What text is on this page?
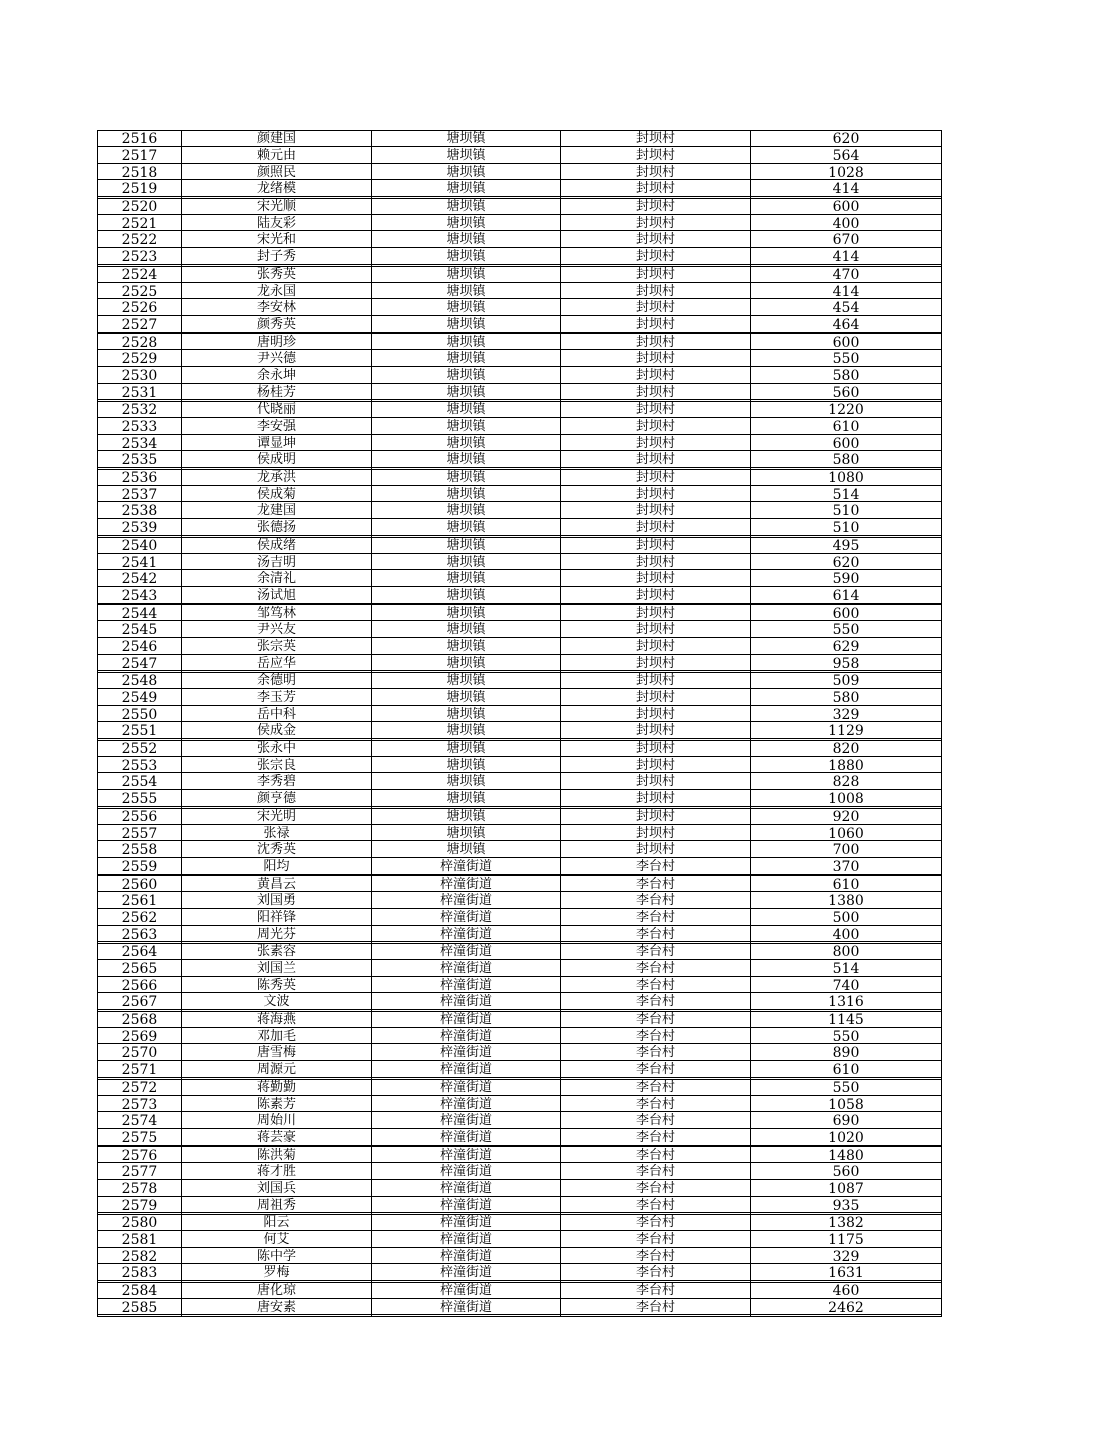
2516	颜建国	塘坝镇	封坝村	620
2517	赖元由	塘坝镇	封坝村	564
2518	颜照民	塘坝镇	封坝村	1028
2519	龙绪模	塘坝镇	封坝村	414
2520	宋光顺	塘坝镇	封坝村	600
2521	陆友彩	塘坝镇	封坝村	400
2522	宋光和	塘坝镇	封坝村	670
2523	封子秀	塘坝镇	封坝村	414
2524	张秀英	塘坝镇	封坝村	470
2525	龙永国	塘坝镇	封坝村	414
2526	李安林	塘坝镇	封坝村	454
2527	颜秀英	塘坝镇	封坝村	464
2528	唐明珍	塘坝镇	封坝村	600
2529	尹兴德	塘坝镇	封坝村	550
2530	余永坤	塘坝镇	封坝村	580
2531	杨桂芳	塘坝镇	封坝村	560
2532	代晓丽	塘坝镇	封坝村	1220
2533	李安强	塘坝镇	封坝村	610
2534	谭显坤	塘坝镇	封坝村	600
2535	侯成明	塘坝镇	封坝村	580
2536	龙承洪	塘坝镇	封坝村	1080
2537	侯成菊	塘坝镇	封坝村	514
2538	龙建国	塘坝镇	封坝村	510
2539	张德扬	塘坝镇	封坝村	510
2540	侯成绪	塘坝镇	封坝村	495
2541	汤吉明	塘坝镇	封坝村	620
2542	余清礼	塘坝镇	封坝村	590
2543	汤试旭	塘坝镇	封坝村	614
2544	邹笃林	塘坝镇	封坝村	600
2545	尹兴友	塘坝镇	封坝村	550
2546	张宗英	塘坝镇	封坝村	629
2547	岳应华	塘坝镇	封坝村	958
2548	余德明	塘坝镇	封坝村	509
2549	李玉芳	塘坝镇	封坝村	580
2550	岳中科	塘坝镇	封坝村	329
2551	侯成金	塘坝镇	封坝村	1129
2552	张永中	塘坝镇	封坝村	820
2553	张宗良	塘坝镇	封坝村	1880
2554	李秀碧	塘坝镇	封坝村	828
2555	颜亨德	塘坝镇	封坝村	1008
2556	宋光明	塘坝镇	封坝村	920
2557	张禄	塘坝镇	封坝村	1060
2558	沈秀英	塘坝镇	封坝村	700
2559	阳均	梓潼街道	李台村	370
2560	黄昌云	梓潼街道	李台村	610
2561	刘国勇	梓潼街道	李台村	1380
2562	阳祥锋	梓潼街道	李台村	500
2563	周光芬	梓潼街道	李台村	400
2564	张素容	梓潼街道	李台村	800
2565	刘国兰	梓潼街道	李台村	514
2566	陈秀英	梓潼街道	李台村	740
2567	文波	梓潼街道	李台村	1316
2568	蒋海燕	梓潼街道	李台村	1145
2569	邓加毛	梓潼街道	李台村	550
2570	唐雪梅	梓潼街道	李台村	890
2571	周源元	梓潼街道	李台村	610
2572	蒋勤勤	梓潼街道	李台村	550
2573	陈素芳	梓潼街道	李台村	1058
2574	周始川	梓潼街道	李台村	690
2575	蒋芸豪	梓潼街道	李台村	1020
2576	陈洪菊	梓潼街道	李台村	1480
2577	蒋才胜	梓潼街道	李台村	560
2578	刘国兵	梓潼街道	李台村	1087
2579	周祖秀	梓潼街道	李台村	935
2580	阳云	梓潼街道	李台村	1382
2581	何艾	梓潼街道	李台村	1175
2582	陈中学	梓潼街道	李台村	329
2583	罗梅	梓潼街道	李台村	1631
2584	唐化琼	梓潼街道	李台村	460
2585	唐安素	梓潼街道	李台村	2462
